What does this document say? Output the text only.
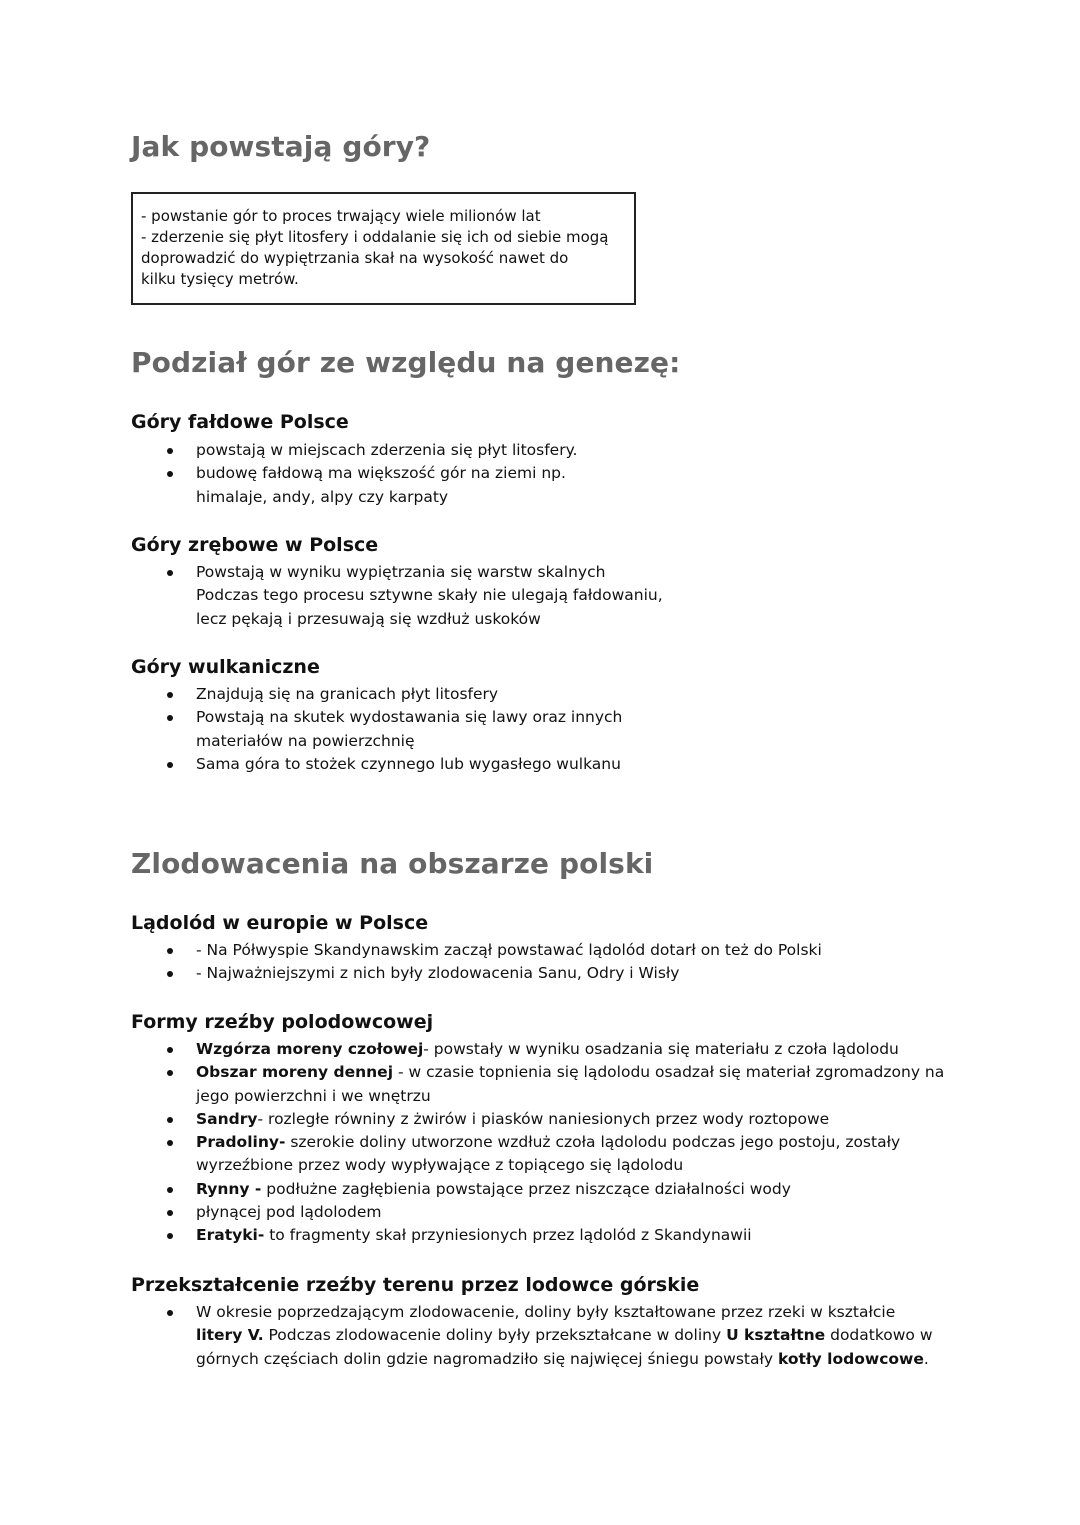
Jak powstają góry?

- powstanie gór to proces trwający wiele milionów lat

- zderzenie się płyt litosfery i oddalanie się ich od siebie mogą

doprowadzić do wypiętrzania skał na wysokość nawet do

kilku tysięcy metrów.

Podział gór ze względu na genezę:
Góry fałdowe Polsce
powstają w miejscach zderzenia się płyt litosfery.
budowę fałdową ma większość gór na ziemi np.
himalaje, andy, alpy czy karpaty
Góry zrębowe w Polsce
Powstają w wyniku wypiętrzania się warstw skalnych
Podczas tego procesu sztywne skały nie ulegają fałdowaniu,
lecz pękają i przesuwają się wzdłuż uskoków
Góry wulkaniczne
Znajdują się na granicach płyt litosfery
Powstają na skutek wydostawania się lawy oraz innych
materiałów na powierzchnię
Sama góra to stożek czynnego lub wygasłego wulkanu
Zlodowacenia na obszarze polski
Lądolód w europie w Polsce
- Na Półwyspie Skandynawskim zaczął powstawać lądolód dotarł on też do Polski
- Najważniejszymi z nich były zlodowacenia Sanu, Odry i Wisły
Formy rzeźby polodowcowej
Wzgórza moreny czołowej- powstały w wyniku osadzania się materiału z czoła lądolodu
Obszar moreny dennej - w czasie topnienia się lądolodu osadzał się materiał zgromadzony na
jego powierzchni i we wnętrzu
Sandry- rozległe równiny z żwirów i piasków naniesionych przez wody roztopowe
Pradoliny- szerokie doliny utworzone wzdłuż czoła lądolodu podczas jego postoju, zostały
wyrzeźbione przez wody wypływające z topiącego się lądolodu
Rynny - podłużne zagłębienia powstające przez niszczące działalności wody
płynącej pod lądolodem
Eratyki- to fragmenty skał przyniesionych przez lądolód z Skandynawii
Przekształcenie rzeźby terenu przez lodowce górskie
W okresie poprzedzającym zlodowacenie, doliny były kształtowane przez rzeki w kształcie
litery V. Podczas zlodowacenie doliny były przekształcane w doliny U kształtne dodatkowo w
górnych częściach dolin gdzie nagromadziło się najwięcej śniegu powstały kotły lodowcowe.
